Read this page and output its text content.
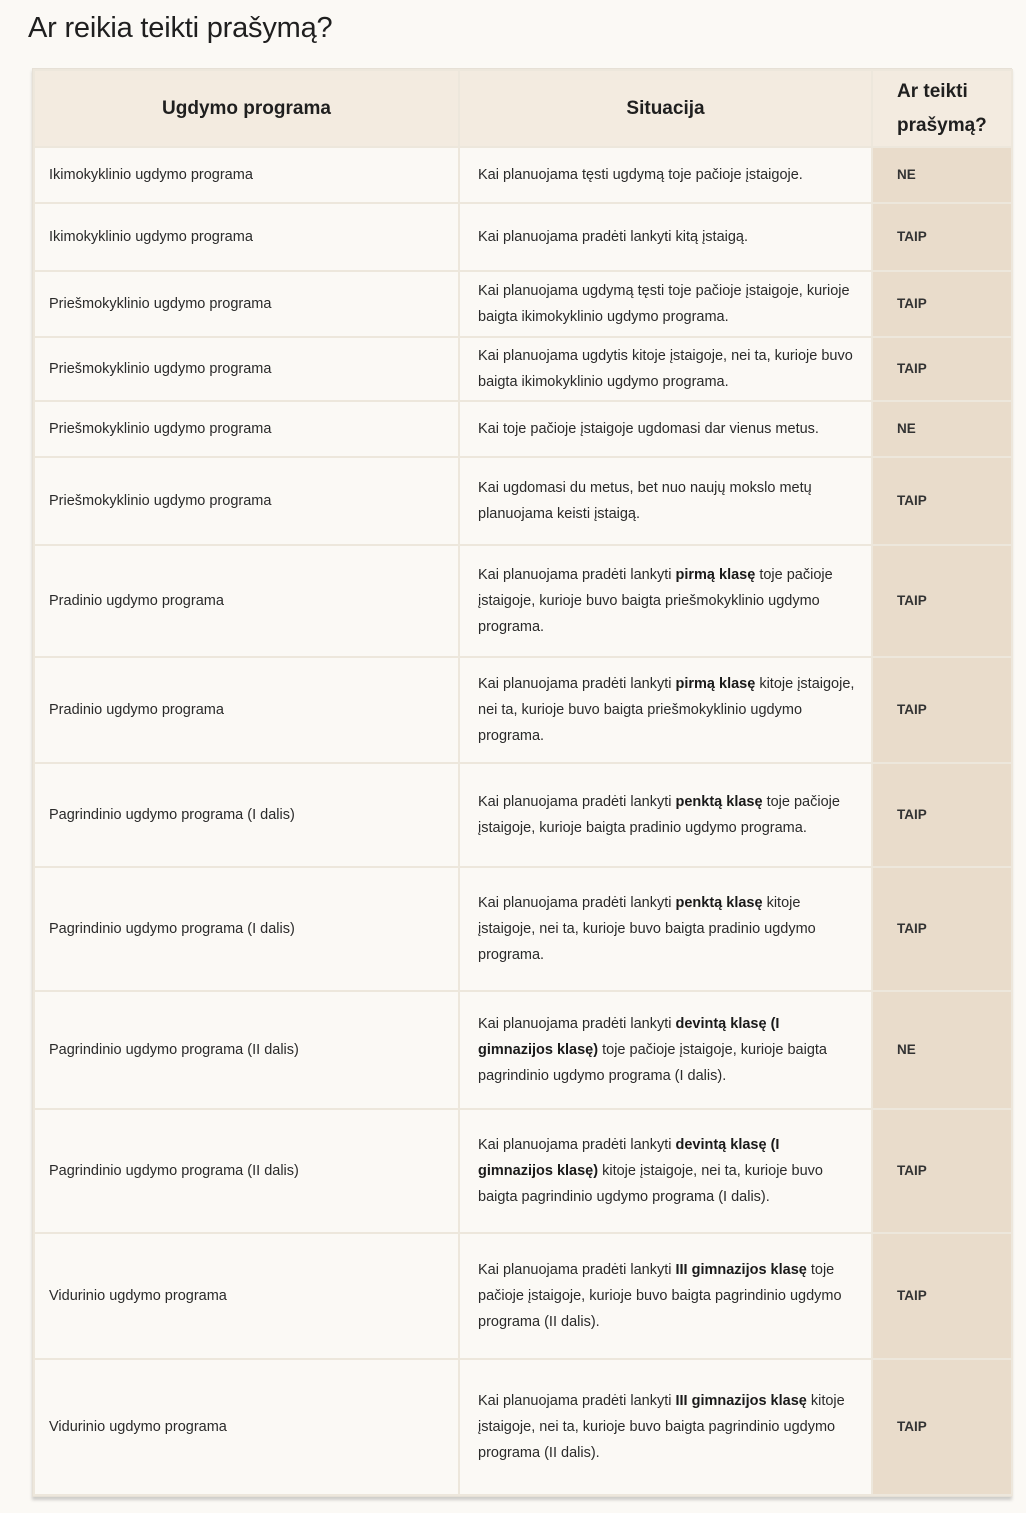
Ar reikia teikti prašymą?
Ugdymo programa	Situacija	Ar teikti prašymą?
Ikimokyklinio ugdymo programa	Kai planuojama tęsti ugdymą toje pačioje įstaigoje.	NE
Ikimokyklinio ugdymo programa	Kai planuojama pradėti lankyti kitą įstaigą.	TAIP
Priešmokyklinio ugdymo programa	Kai planuojama ugdymą tęsti toje pačioje įstaigoje, kurioje baigta ikimokyklinio ugdymo programa.	TAIP
Priešmokyklinio ugdymo programa	Kai planuojama ugdytis kitoje įstaigoje, nei ta, kurioje buvo baigta ikimokyklinio ugdymo programa.	TAIP
Priešmokyklinio ugdymo programa	Kai toje pačioje įstaigoje ugdomasi dar vienus metus.	NE
Priešmokyklinio ugdymo programa	Kai ugdomasi du metus, bet nuo naujų mokslo metų planuojama keisti įstaigą.	TAIP
Pradinio ugdymo programa	Kai planuojama pradėti lankyti pirmą klasę toje pačioje įstaigoje, kurioje buvo baigta priešmokyklinio ugdymo programa.	TAIP
Pradinio ugdymo programa	Kai planuojama pradėti lankyti pirmą klasę kitoje įstaigoje, nei ta, kurioje buvo baigta priešmokyklinio ugdymo programa.	TAIP
Pagrindinio ugdymo programa (I dalis)	Kai planuojama pradėti lankyti penktą klasę toje pačioje įstaigoje, kurioje baigta pradinio ugdymo programa.	TAIP
Pagrindinio ugdymo programa (I dalis)	Kai planuojama pradėti lankyti penktą klasę kitoje įstaigoje, nei ta, kurioje buvo baigta pradinio ugdymo programa.	TAIP
Pagrindinio ugdymo programa (II dalis)	Kai planuojama pradėti lankyti devintą klasę (I gimnazijos klasę) toje pačioje įstaigoje, kurioje baigta pagrindinio ugdymo programa (I dalis).	NE
Pagrindinio ugdymo programa (II dalis)	Kai planuojama pradėti lankyti devintą klasę (I gimnazijos klasę) kitoje įstaigoje, nei ta, kurioje buvo baigta pagrindinio ugdymo programa (I dalis).	TAIP
Vidurinio ugdymo programa	Kai planuojama pradėti lankyti III gimnazijos klasę toje pačioje įstaigoje, kurioje buvo baigta pagrindinio ugdymo programa (II dalis).	TAIP
Vidurinio ugdymo programa	Kai planuojama pradėti lankyti III gimnazijos klasę kitoje įstaigoje, nei ta, kurioje buvo baigta pagrindinio ugdymo programa (II dalis).	TAIP
